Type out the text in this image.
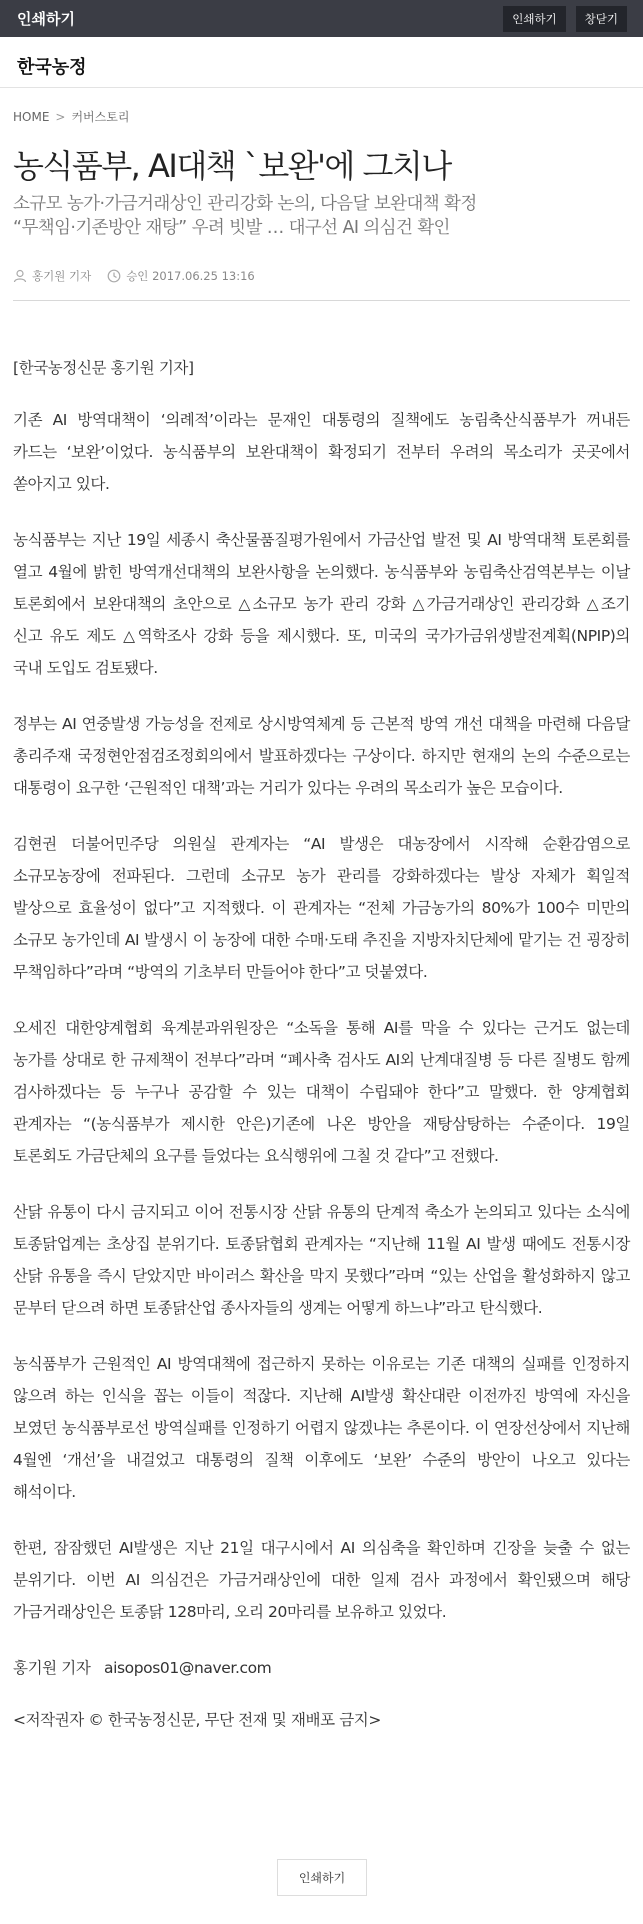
인쇄하기	인쇄하기	창닫기
한국농정
HOME > 커버스토리
농식품부, AI대책 `보완'에 그치나
소규모 농가·가금거래상인 관리강화 논의, 다음달 보완대책 확정
“무책임·기존방안 재탕” 우려 빗발 … 대구선 AI 의심건 확인
홍기원 기자	승인 2017.06.25 13:16

[한국농정신문 홍기원 기자]

기존 AI 방역대책이 ‘의례적’이라는 문재인 대통령의 질책에도 농림축산식품부가 꺼내든 카드는 ‘보완’이었다. 농식품부의 보완대책이 확정되기 전부터 우려의 목소리가 곳곳에서 쏟아지고 있다.

농식품부는 지난 19일 세종시 축산물품질평가원에서 가금산업 발전 및 AI 방역대책 토론회를 열고 4월에 밝힌 방역개선대책의 보완사항을 논의했다. 농식품부와 농림축산검역본부는 이날 토론회에서 보완대책의 초안으로 △소규모 농가 관리 강화 △가금거래상인 관리강화 △조기 신고 유도 제도 △역학조사 강화 등을 제시했다. 또, 미국의 국가가금위생발전계획(NPIP)의 국내 도입도 검토됐다.

정부는 AI 연중발생 가능성을 전제로 상시방역체계 등 근본적 방역 개선 대책을 마련해 다음달 총리주재 국정현안점검조정회의에서 발표하겠다는 구상이다. 하지만 현재의 논의 수준으로는 대통령이 요구한 ‘근원적인 대책’과는 거리가 있다는 우려의 목소리가 높은 모습이다.

김현권 더불어민주당 의원실 관계자는 “AI 발생은 대농장에서 시작해 순환감염으로 소규모농장에 전파된다. 그런데 소규모 농가 관리를 강화하겠다는 발상 자체가 획일적 발상으로 효율성이 없다”고 지적했다. 이 관계자는 “전체 가금농가의 80%가 100수 미만의 소규모 농가인데 AI 발생시 이 농장에 대한 수매·도태 추진을 지방자치단체에 맡기는 건 굉장히 무책임하다”라며 “방역의 기초부터 만들어야 한다”고 덧붙였다.

오세진 대한양계협회 육계분과위원장은 “소독을 통해 AI를 막을 수 있다는 근거도 없는데 농가를 상대로 한 규제책이 전부다”라며 “폐사축 검사도 AI외 난계대질병 등 다른 질병도 함께 검사하겠다는 등 누구나 공감할 수 있는 대책이 수립돼야 한다”고 말했다. 한 양계협회 관계자는 “(농식품부가 제시한 안은)기존에 나온 방안을 재탕삼탕하는 수준이다. 19일 토론회도 가금단체의 요구를 들었다는 요식행위에 그칠 것 같다”고 전했다.

산닭 유통이 다시 금지되고 이어 전통시장 산닭 유통의 단계적 축소가 논의되고 있다는 소식에 토종닭업계는 초상집 분위기다. 토종닭협회 관계자는 “지난해 11월 AI 발생 때에도 전통시장 산닭 유통을 즉시 닫았지만 바이러스 확산을 막지 못했다”라며 “있는 산업을 활성화하지 않고 문부터 닫으려 하면 토종닭산업 종사자들의 생계는 어떻게 하느냐”라고 탄식했다.

농식품부가 근원적인 AI 방역대책에 접근하지 못하는 이유로는 기존 대책의 실패를 인정하지 않으려 하는 인식을 꼽는 이들이 적잖다. 지난해 AI발생 확산대란 이전까진 방역에 자신을 보였던 농식품부로선 방역실패를 인정하기 어렵지 않겠냐는 추론이다. 이 연장선상에서 지난해 4월엔 ‘개선’을 내걸었고 대통령의 질책 이후에도 ‘보완’ 수준의 방안이 나오고 있다는 해석이다.

한편, 잠잠했던 AI발생은 지난 21일 대구시에서 AI 의심축을 확인하며 긴장을 늦출 수 없는 분위기다. 이번 AI 의심건은 가금거래상인에 대한 일제 검사 과정에서 확인됐으며 해당 가금거래상인은 토종닭 128마리, 오리 20마리를 보유하고 있었다.

홍기원 기자   aisopos01@naver.com

<저작권자 © 한국농정신문, 무단 전재 및 재배포 금지>

인쇄하기
